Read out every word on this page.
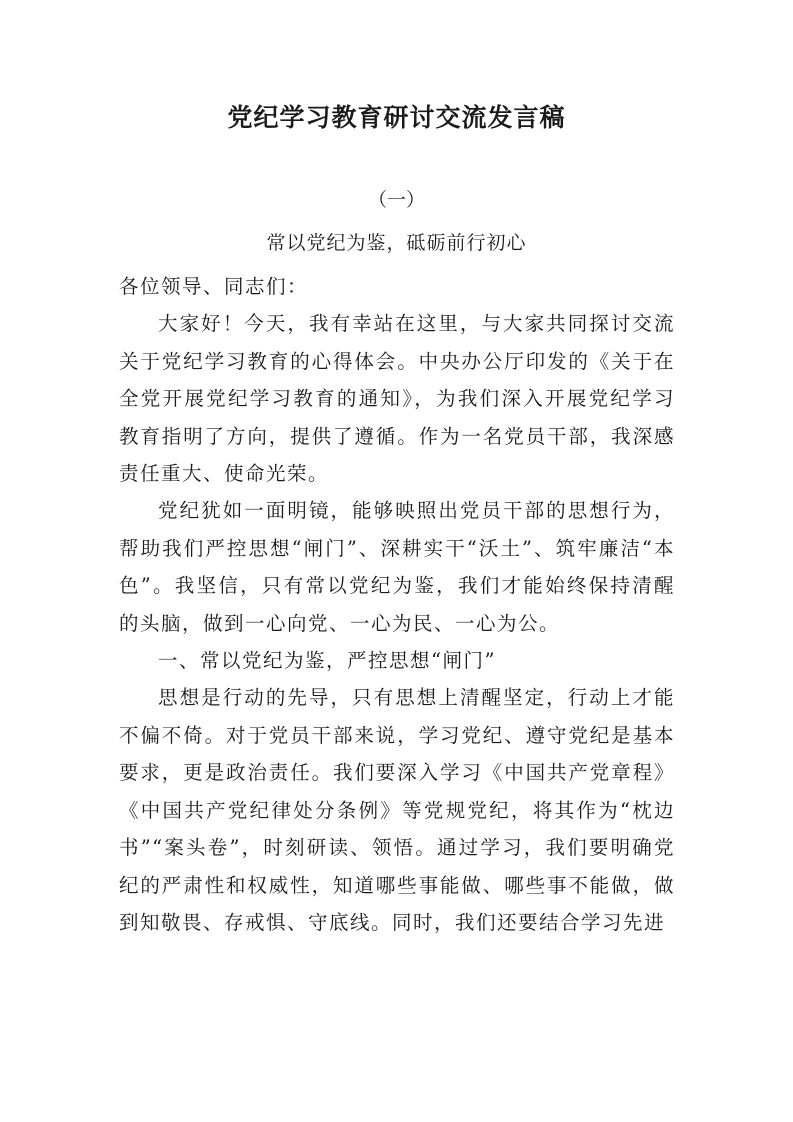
党纪学习教育研讨交流发言稿
（一）
常以党纪为鉴，砥砺前行初心

各位领导、同志们：

大家好！今天，我有幸站在这里，与大家共同探讨交流关于党纪学习教育的心得体会。中央办公厅印发的《关于在全党开展党纪学习教育的通知》，为我们深入开展党纪学习教育指明了方向，提供了遵循。作为一名党员干部，我深感责任重大、使命光荣。

党纪犹如一面明镜，能够映照出党员干部的思想行为，帮助我们严控思想“闸门”、深耕实干“沃土”、筑牢廉洁“本色”。我坚信，只有常以党纪为鉴，我们才能始终保持清醒的头脑，做到一心向党、一心为民、一心为公。

一、常以党纪为鉴，严控思想“闸门”

思想是行动的先导，只有思想上清醒坚定，行动上才能不偏不倚。对于党员干部来说，学习党纪、遵守党纪是基本要求，更是政治责任。我们要深入学习《中国共产党章程》《中国共产党纪律处分条例》等党规党纪，将其作为“枕边书”“案头卷”，时刻研读、领悟。通过学习，我们要明确党纪的严肃性和权威性，知道哪些事能做、哪些事不能做，做到知敬畏、存戒惧、守底线。同时，我们还要结合学习先进
